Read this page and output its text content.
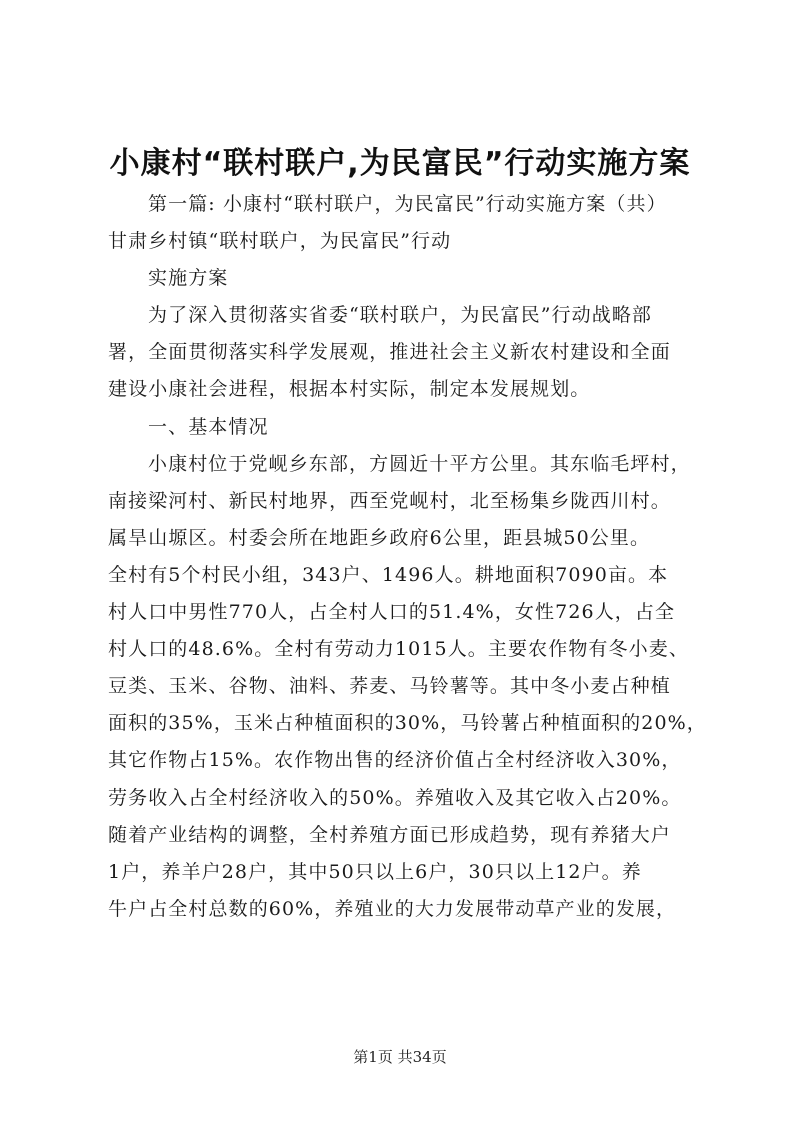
小康村“联村联户,为民富民”行动实施方案
第一篇: 小康村“联村联户，为民富民”行动实施方案（共）
甘肃乡村镇“联村联户，为民富民”行动
实施方案
为了深入贯彻落实省委“联村联户，为民富民”行动战略部
署，全面贯彻落实科学发展观，推进社会主义新农村建设和全面
建设小康社会进程，根据本村实际，制定本发展规划。
一、基本情况
小康村位于党岘乡东部，方圆近十平方公里。其东临毛坪村，
南接梁河村、新民村地界，西至党岘村，北至杨集乡陇西川村。
属旱山塬区。村委会所在地距乡政府6公里，距县城50公里。
全村有5个村民小组，343户、1496人。耕地面积7090亩。本
村人口中男性770人，占全村人口的51.4%，女性726人，占全
村人口的48.6%。全村有劳动力1015人。主要农作物有冬小麦、
豆类、玉米、谷物、油料、荞麦、马铃薯等。其中冬小麦占种植
面积的35%，玉米占种植面积的30%，马铃薯占种植面积的20%，
其它作物占15%。农作物出售的经济价值占全村经济收入30%，
劳务收入占全村经济收入的50%。养殖收入及其它收入占20%。
随着产业结构的调整，全村养殖方面已形成趋势，现有养猪大户
1户，养羊户28户，其中50只以上6户，30只以上12户。养
牛户占全村总数的60%，养殖业的大力发展带动草产业的发展，
第1页 共34页
